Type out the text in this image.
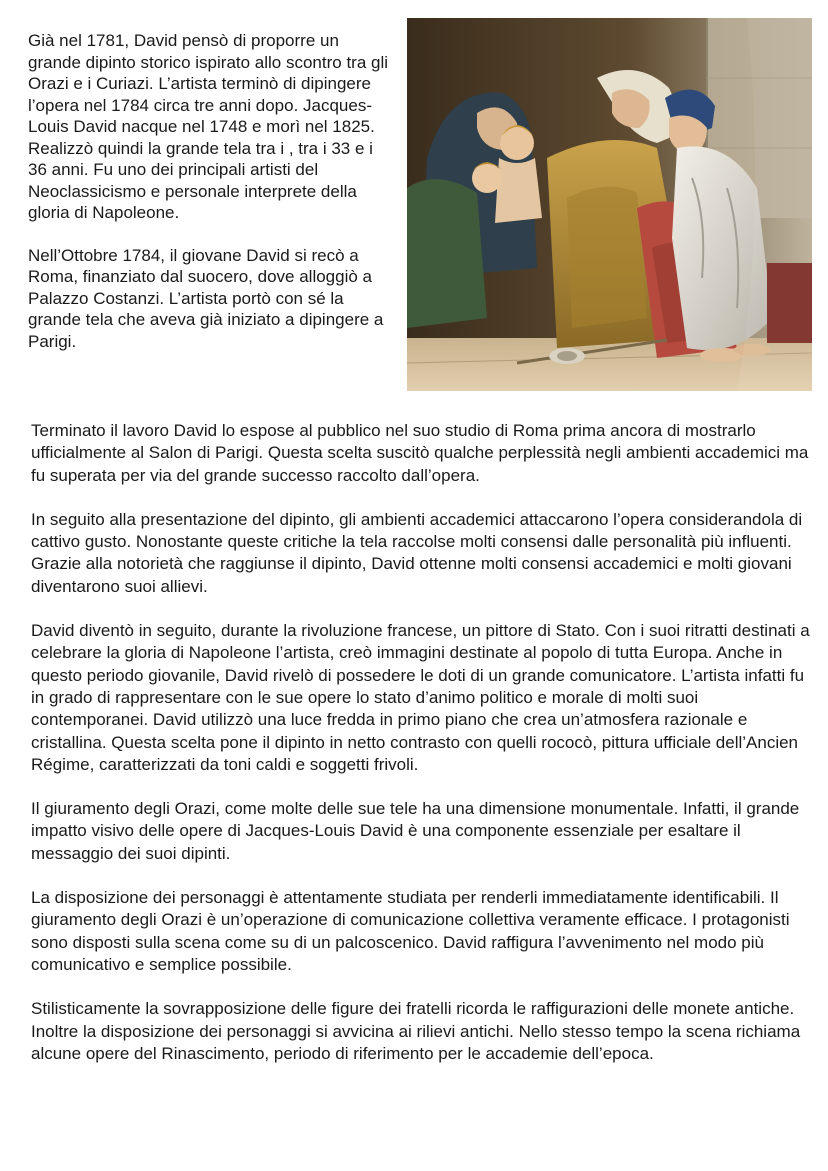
Già nel 1781, David pensò di proporre un grande dipinto storico ispirato allo scontro tra gli Orazi e i Curiazi. L’artista terminò di dipingere l’opera nel 1784 circa tre anni dopo. Jacques-Louis David nacque nel 1748 e morì nel 1825. Realizzò quindi la grande tela tra i , tra i 33 e i 36 anni. Fu uno dei principali artisti del Neoclassicismo e personale interprete della gloria di Napoleone.

Nell’Ottobre 1784, il giovane David si recò a Roma, finanziato dal suocero, dove alloggiò a Palazzo Costanzi. L’artista portò con sé la grande tela che aveva già iniziato a dipingere a Parigi.

Terminato il lavoro David lo espose al pubblico nel suo studio di Roma prima ancora di mostrarlo ufficialmente al Salon di Parigi. Questa scelta suscitò qualche perplessità negli ambienti accademici ma fu superata per via del grande successo raccolto dall’opera.

In seguito alla presentazione del dipinto, gli ambienti accademici attaccarono l’opera considerandola di cattivo gusto. Nonostante queste critiche la tela raccolse molti consensi dalle personalità più influenti.

Grazie alla notorietà che raggiunse il dipinto, David ottenne molti consensi accademici e molti giovani diventarono suoi allievi.

David diventò in seguito, durante la rivoluzione francese, un pittore di Stato. Con i suoi ritratti destinati a celebrare la gloria di Napoleone l’artista, creò immagini destinate al popolo di tutta Europa. Anche in questo periodo giovanile, David rivelò di possedere le doti di un grande comunicatore. L’artista infatti fu in grado di rappresentare con le sue opere lo stato d’animo politico e morale di molti suoi contemporanei. David utilizzò una luce fredda in primo piano che crea un’atmosfera razionale e cristallina. Questa scelta pone il dipinto in netto contrasto con quelli rococò, pittura ufficiale dell’Ancien Régime, caratterizzati da toni caldi e soggetti frivoli.

Il giuramento degli Orazi, come molte delle sue tele ha una dimensione monumentale. Infatti, il grande impatto visivo delle opere di Jacques-Louis David è una componente essenziale per esaltare il messaggio dei suoi dipinti.

La disposizione dei personaggi è attentamente studiata per renderli immediatamente identificabili. Il giuramento degli Orazi è un’operazione di comunicazione collettiva veramente efficace. I protagonisti sono disposti sulla scena come su di un palcoscenico. David raffigura l’avvenimento nel modo più comunicativo e semplice possibile.

Stilisticamente la sovrapposizione delle figure dei fratelli ricorda le raffigurazioni delle monete antiche. Inoltre la disposizione dei personaggi si avvicina ai rilievi antichi. Nello stesso tempo la scena richiama alcune opere del Rinascimento, periodo di riferimento per le accademie dell’epoca.
